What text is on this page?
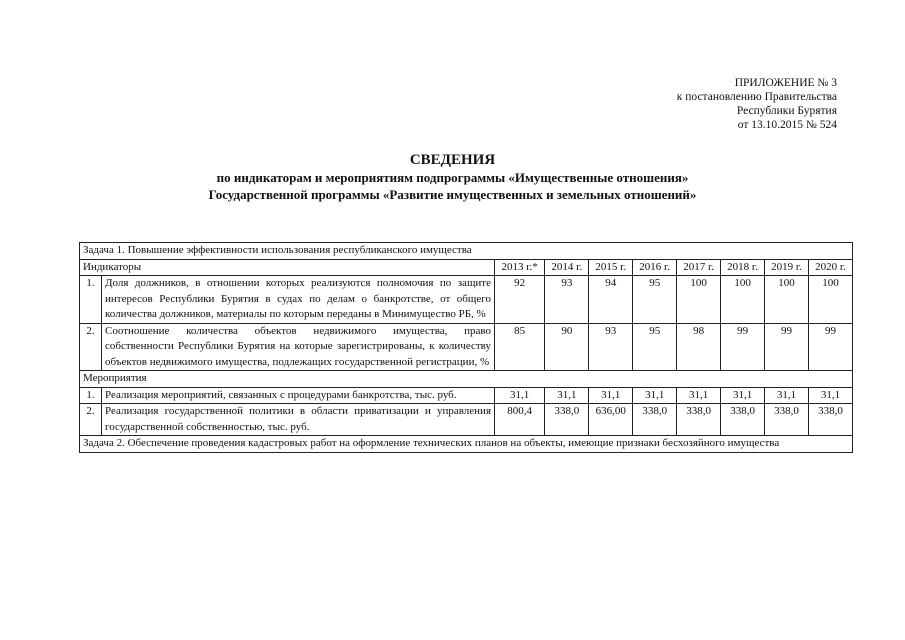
ПРИЛОЖЕНИЕ № 3
к постановлению Правительства
Республики Бурятия
от 13.10.2015 № 524
СВЕДЕНИЯ
по индикаторам и мероприятиям подпрограммы «Имущественные отношения»
Государственной программы «Развитие имущественных и земельных отношений»
Задача 1. Повышение эффективности использования республиканского имущества									
Индикаторы		2013 г.*	2014 г.	2015 г.	2016 г.	2017 г.	2018 г.	2019 г.	2020 г.
1.	Доля должников, в отношении которых реализуются полномочия по защите интересов Республики Бурятия в судах по делам о банкротстве, от общего количества должников, материалы по которым переданы в Минимущество РБ, %	92	93	94	95	100	100	100	100
2.	Соотношение количества объектов недвижимого имущества, право собственности Республики Бурятия на которые зарегистрированы, к количеству объектов недвижимого имущества, подлежащих государственной регистрации, %	85	90	93	95	98	99	99	99
Мероприятия									
1.	Реализация мероприятий, связанных с процедурами банкротства, тыс. руб.	31,1	31,1	31,1	31,1	31,1	31,1	31,1	31,1
2.	Реализация государственной политики в области приватизации и управления государственной собственностью, тыс. руб.	800,4	338,0	636,00	338,0	338,0	338,0	338,0	338,0
Задача 2. Обеспечение проведения кадастровых работ на оформление технических планов на объекты, имеющие признаки бесхозяйного имущества									
